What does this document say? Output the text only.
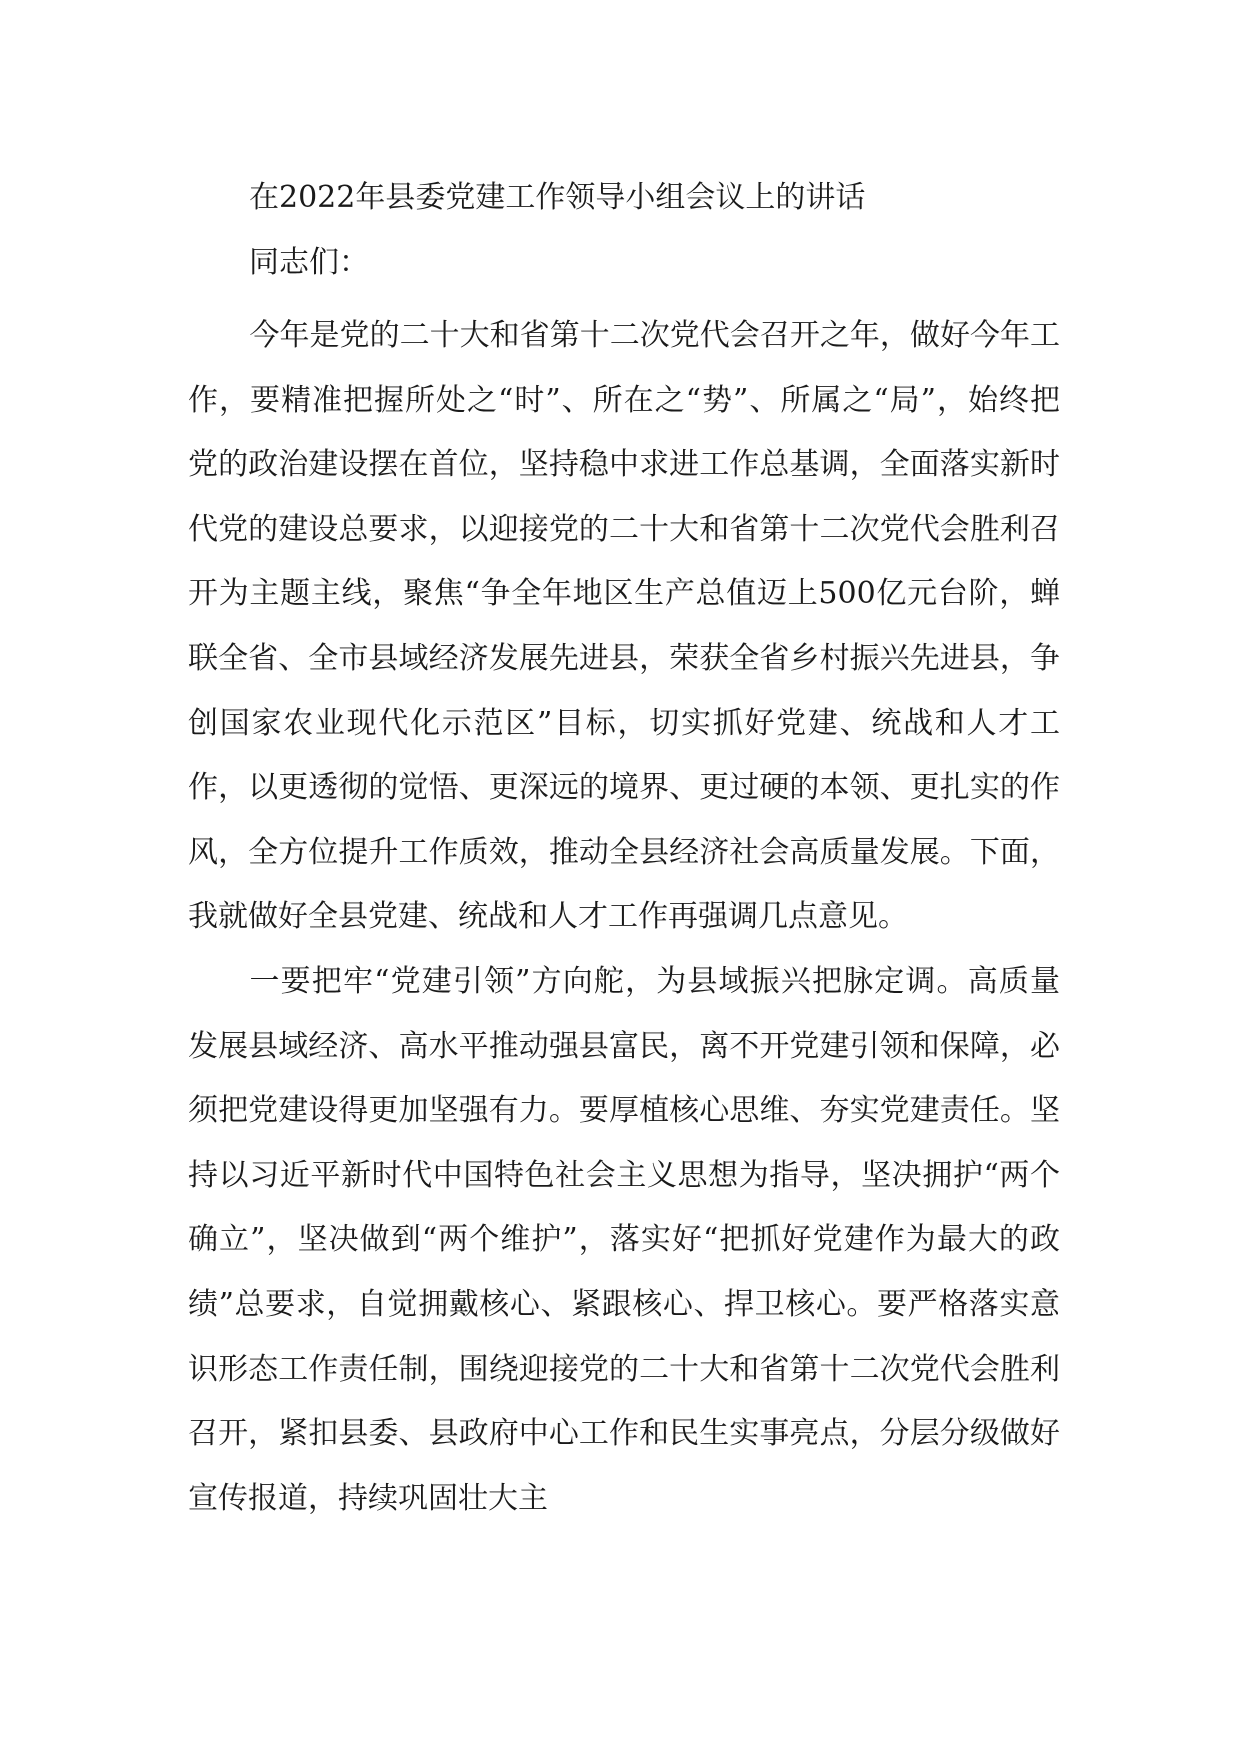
在2022年县委党建工作领导小组会议上的讲话

同志们：

今年是党的二十大和省第十二次党代会召开之年，做好今年工作，要精准把握所处之“时”、所在之“势”、所属之“局”，始终把党的政治建设摆在首位，坚持稳中求进工作总基调，全面落实新时代党的建设总要求，以迎接党的二十大和省第十二次党代会胜利召开为主题主线，聚焦“争全年地区生产总值迈上500亿元台阶，蝉联全省、全市县域经济发展先进县，荣获全省乡村振兴先进县，争创国家农业现代化示范区”目标，切实抓好党建、统战和人才工作，以更透彻的觉悟、更深远的境界、更过硬的本领、更扎实的作风，全方位提升工作质效，推动全县经济社会高质量发展。下面，我就做好全县党建、统战和人才工作再强调几点意见。

一要把牢“党建引领”方向舵，为县域振兴把脉定调。高质量发展县域经济、高水平推动强县富民，离不开党建引领和保障，必须把党建设得更加坚强有力。要厚植核心思维、夯实党建责任。坚持以习近平新时代中国特色社会主义思想为指导，坚决拥护“两个确立”，坚决做到“两个维护”，落实好“把抓好党建作为最大的政绩”总要求，自觉拥戴核心、紧跟核心、捍卫核心。要严格落实意识形态工作责任制，围绕迎接党的二十大和省第十二次党代会胜利召开，紧扣县委、县政府中心工作和民生实事亮点，分层分级做好宣传报道，持续巩固壮大主
